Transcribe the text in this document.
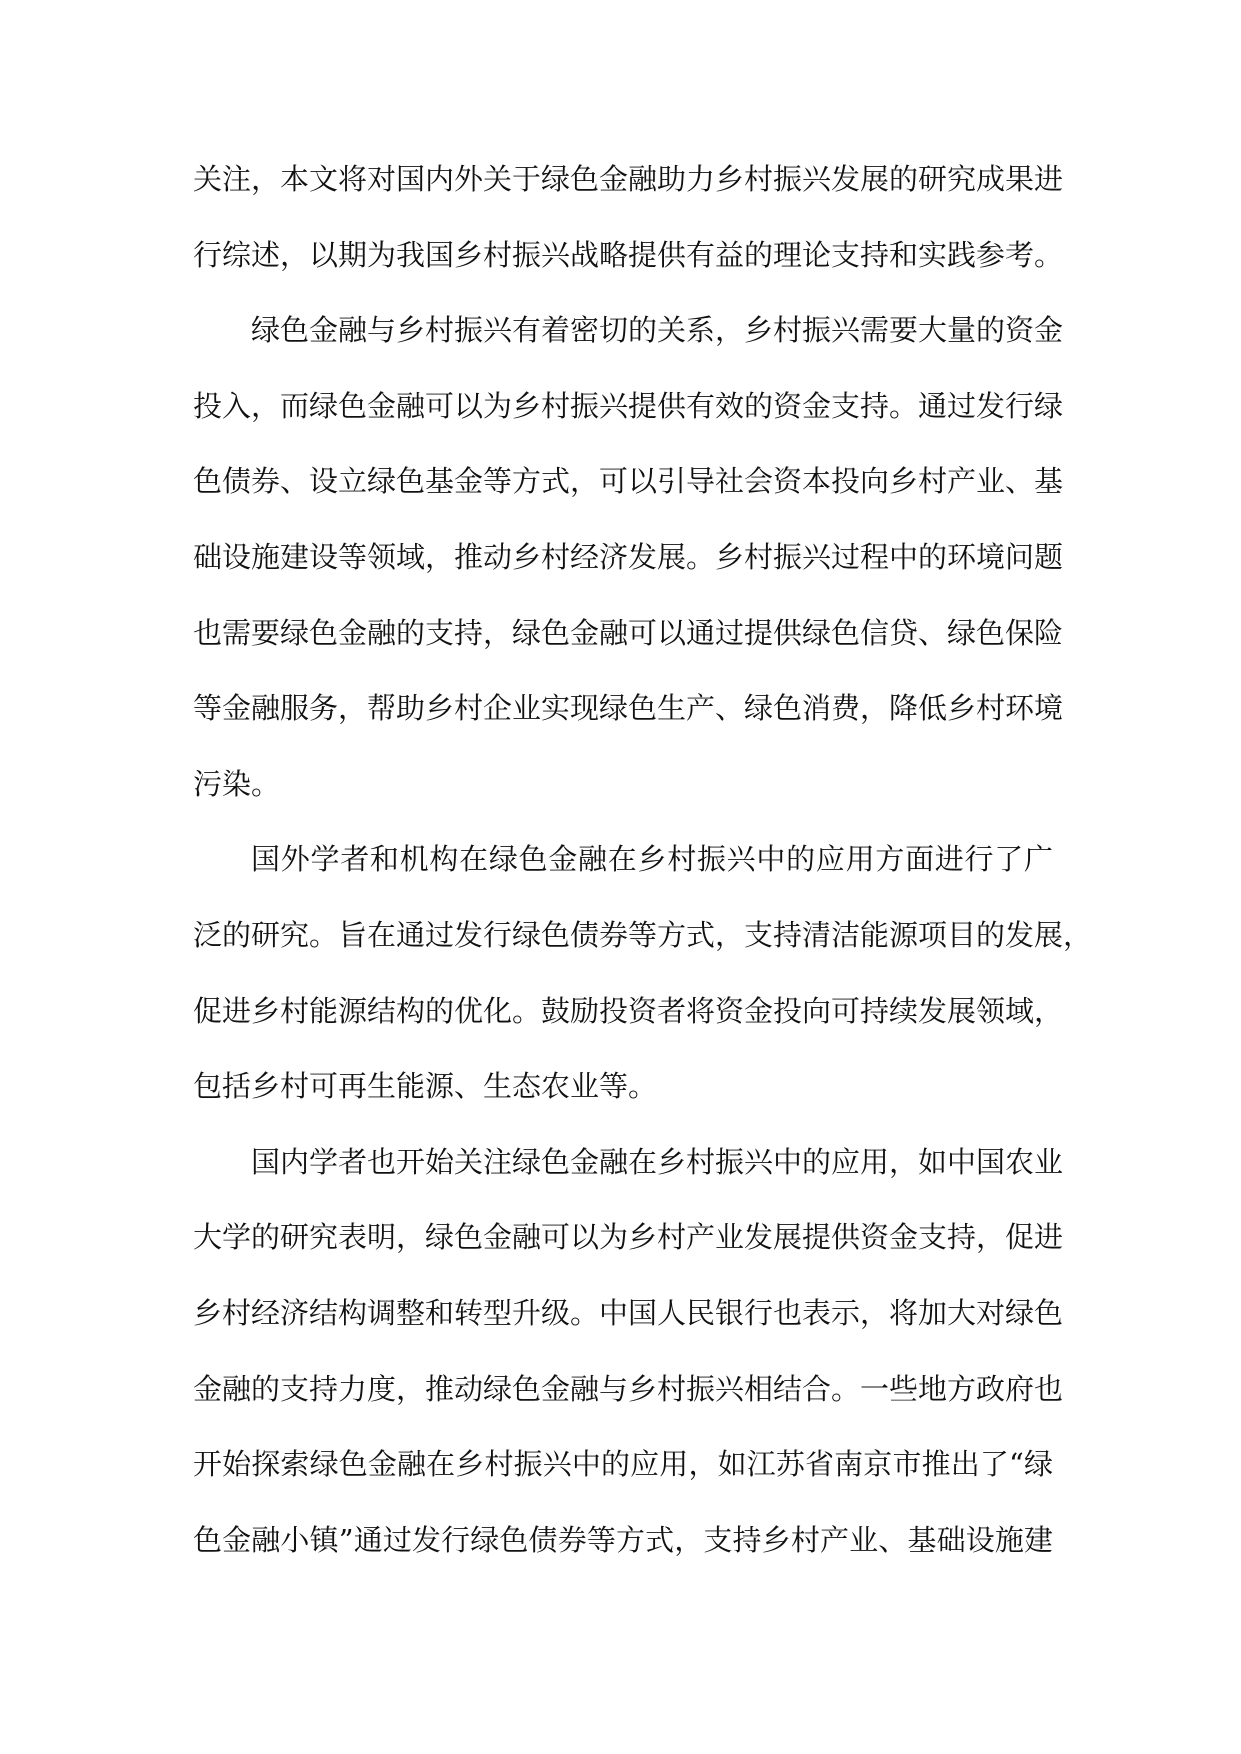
关注，本文将对国内外关于绿色金融助力乡村振兴发展的研究成果进
行综述，以期为我国乡村振兴战略提供有益的理论支持和实践参考。
绿色金融与乡村振兴有着密切的关系，乡村振兴需要大量的资金
投入，而绿色金融可以为乡村振兴提供有效的资金支持。通过发行绿
色债券、设立绿色基金等方式，可以引导社会资本投向乡村产业、基
础设施建设等领域，推动乡村经济发展。乡村振兴过程中的环境问题
也需要绿色金融的支持，绿色金融可以通过提供绿色信贷、绿色保险
等金融服务，帮助乡村企业实现绿色生产、绿色消费，降低乡村环境
污染。
国外学者和机构在绿色金融在乡村振兴中的应用方面进行了广
泛的研究。旨在通过发行绿色债券等方式，支持清洁能源项目的发展，
促进乡村能源结构的优化。鼓励投资者将资金投向可持续发展领域，
包括乡村可再生能源、生态农业等。
国内学者也开始关注绿色金融在乡村振兴中的应用，如中国农业
大学的研究表明，绿色金融可以为乡村产业发展提供资金支持，促进
乡村经济结构调整和转型升级。中国人民银行也表示，将加大对绿色
金融的支持力度，推动绿色金融与乡村振兴相结合。一些地方政府也
开始探索绿色金融在乡村振兴中的应用，如江苏省南京市推出了“绿
色金融小镇”通过发行绿色债券等方式，支持乡村产业、基础设施建
